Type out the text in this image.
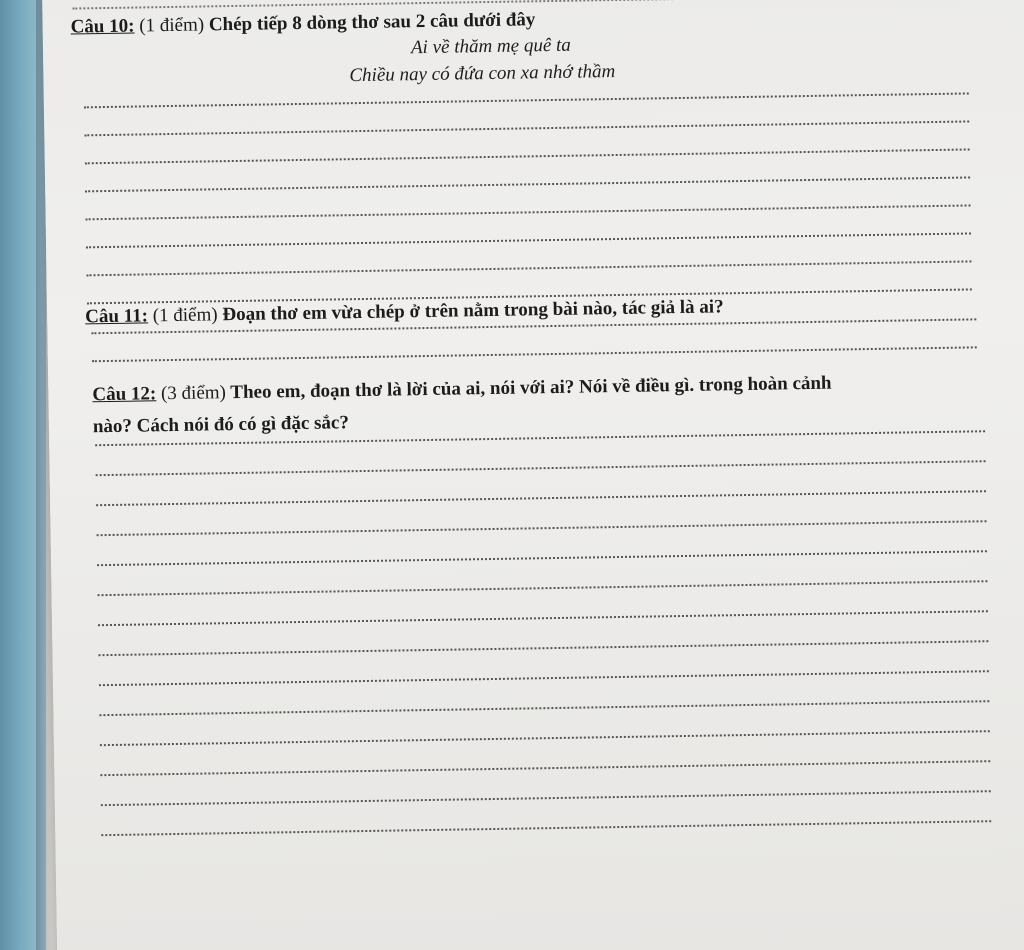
Câu 10: (1 điểm) Chép tiếp 8 dòng thơ sau 2 câu dưới đây
Ai về thăm mẹ quê ta
Chiều nay có đứa con xa nhớ thầm
Câu 11: (1 điểm) Đoạn thơ em vừa chép ở trên nằm trong bài nào, tác giả là ai?
Câu 12: (3 điểm) Theo em, đoạn thơ là lời của ai, nói với ai? Nói về điều gì. trong hoàn cảnh
nào? Cách nói đó có gì đặc sắc?
